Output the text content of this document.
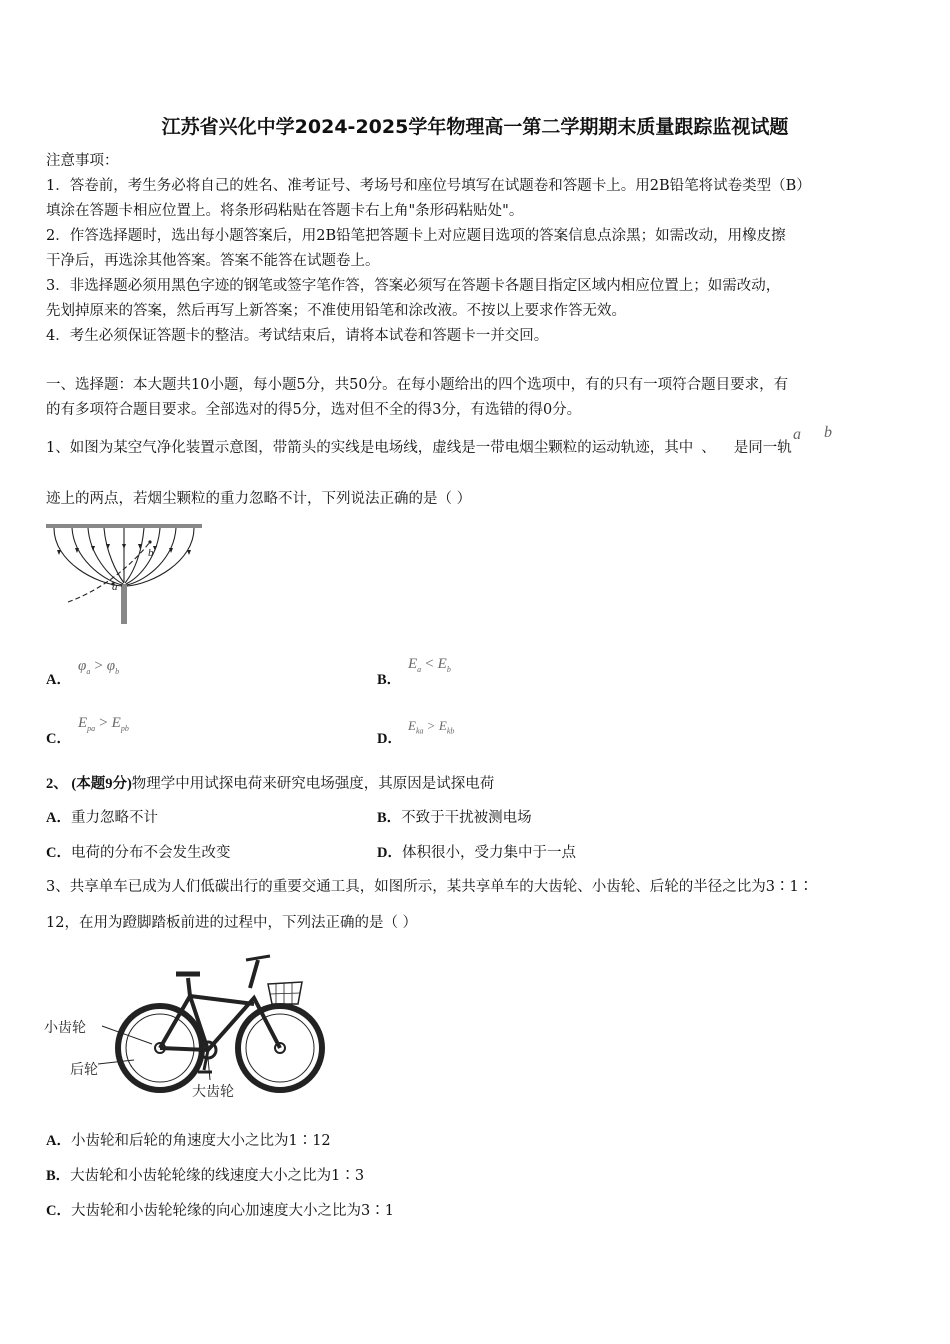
江苏省兴化中学2024-2025学年物理高一第二学期期末质量跟踪监视试题
注意事项：
1．答卷前，考生务必将自己的姓名、准考证号、考场号和座位号填写在试题卷和答题卡上。用2B铅笔将试卷类型（B）
填涂在答题卡相应位置上。将条形码粘贴在答题卡右上角"条形码粘贴处"。
2．作答选择题时，选出每小题答案后，用2B铅笔把答题卡上对应题目选项的答案信息点涂黑；如需改动，用橡皮擦
干净后，再选涂其他答案。答案不能答在试题卷上。
3．非选择题必须用黑色字迹的钢笔或签字笔作答，答案必须写在答题卡各题目指定区域内相应位置上；如需改动，
先划掉原来的答案，然后再写上新答案；不准使用铅笔和涂改液。不按以上要求作答无效。
4．考生必须保证答题卡的整洁。考试结束后，请将本试卷和答题卡一并交回。
一、选择题：本大题共10小题，每小题5分，共50分。在每小题给出的四个选项中，有的只有一项符合题目要求，有
的有多项符合题目要求。全部选对的得5分，选对但不全的得3分，有选错的得0分。
1、如图为某空气净化装置示意图，带箭头的实线是电场线，虚线是一带电烟尘颗粒的运动轨迹，其中 、 是同一轨
a b
迹上的两点，若烟尘颗粒的重力忽略不计，下列说法正确的是（ ）
a
b
A．
$\varphi_a > \varphi_b$
B．
$E_a < E_b$
C．
$E_{pa} > E_{pb}$
D．
$E_{ka} > E_{kb}$
2、 (本题9分)物理学中用试探电荷来研究电场强度，其原因是试探电荷
A．重力忽略不计	B．不致于干扰被测电场
C．电荷的分布不会发生改变	D．体积很小，受力集中于一点
3、共享单车已成为人们低碳出行的重要交通工具，如图所示，某共享单车的大齿轮、小齿轮、后轮的半径之比为3∶1∶
12，在用为蹬脚踏板前进的过程中，下列法正确的是（ ）
小齿轮
后轮
大齿轮
A．小齿轮和后轮的角速度大小之比为1∶12
B．大齿轮和小齿轮轮缘的线速度大小之比为1∶3
C．大齿轮和小齿轮轮缘的向心加速度大小之比为3∶1
